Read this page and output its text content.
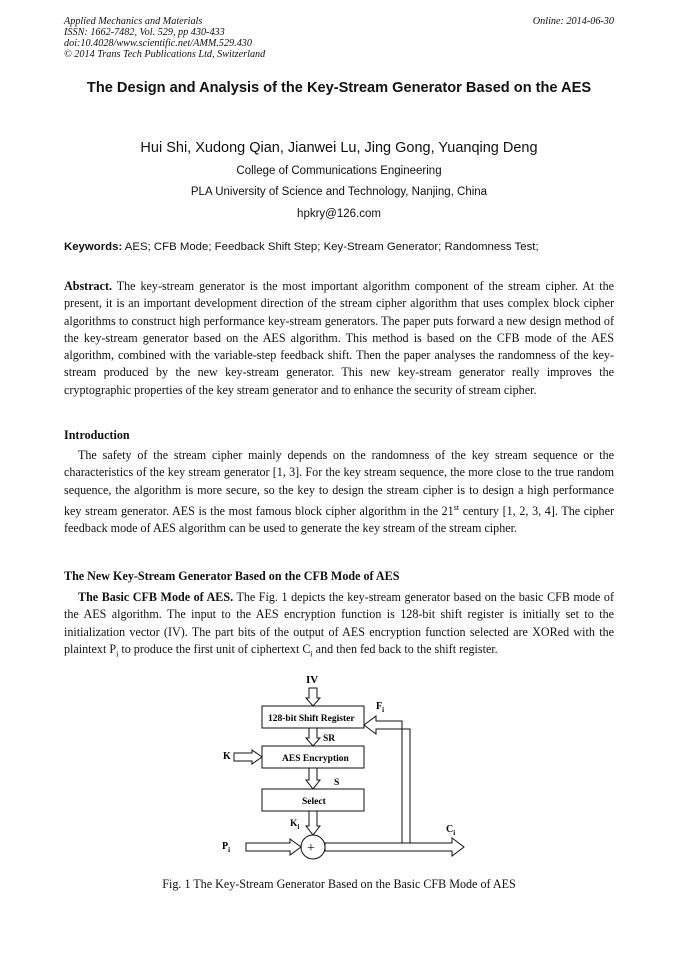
Applied Mechanics and Materials
ISSN: 1662-7482, Vol. 529, pp 430-433
doi:10.4028/www.scientific.net/AMM.529.430
© 2014 Trans Tech Publications Ltd, Switzerland
Online: 2014-06-30
The Design and Analysis of the Key-Stream Generator Based on the AES
Hui Shi, Xudong Qian, Jianwei Lu, Jing Gong, Yuanqing Deng
College of Communications Engineering
PLA University of Science and Technology, Nanjing, China
hpkry@126.com
Keywords: AES; CFB Mode; Feedback Shift Step; Key-Stream Generator; Randomness Test;
Abstract. The key-stream generator is the most important algorithm component of the stream cipher. At the present, it is an important development direction of the stream cipher algorithm that uses complex block cipher algorithms to construct high performance key-stream generators. The paper puts forward a new design method of the key-stream generator based on the AES algorithm. This method is based on the CFB mode of the AES algorithm, combined with the variable-step feedback shift. Then the paper analyses the randomness of the key-stream produced by the new key-stream generator. This new key-stream generator really improves the cryptographic properties of the key stream generator and to enhance the security of stream cipher.
Introduction
The safety of the stream cipher mainly depends on the randomness of the key stream sequence or the characteristics of the key stream generator [1, 3]. For the key stream sequence, the more close to the true random sequence, the algorithm is more secure, so the key to design the stream cipher is to design a high performance key stream generator. AES is the most famous block cipher algorithm in the 21st century [1, 2, 3, 4]. The cipher feedback mode of AES algorithm can be used to generate the key stream of the stream cipher.
The New Key-Stream Generator Based on the CFB Mode of AES
The Basic CFB Mode of AES. The Fig. 1 depicts the key-stream generator based on the basic CFB mode of the AES algorithm. The input to the AES encryption function is 128-bit shift register is initially set to the initialization vector (IV). The part bits of the output of AES encryption function selected are XORed with the plaintext $P_i$ to produce the first unit of ciphertext $C_i$ and then fed back to the shift register.
IV
128-bit Shift Register
SR
AES Encryption
K
S
Select
$K_i$
+
$P_i$
$C_i$
$F_i$
Fig. 1 The Key-Stream Generator Based on the Basic CFB Mode of AES
